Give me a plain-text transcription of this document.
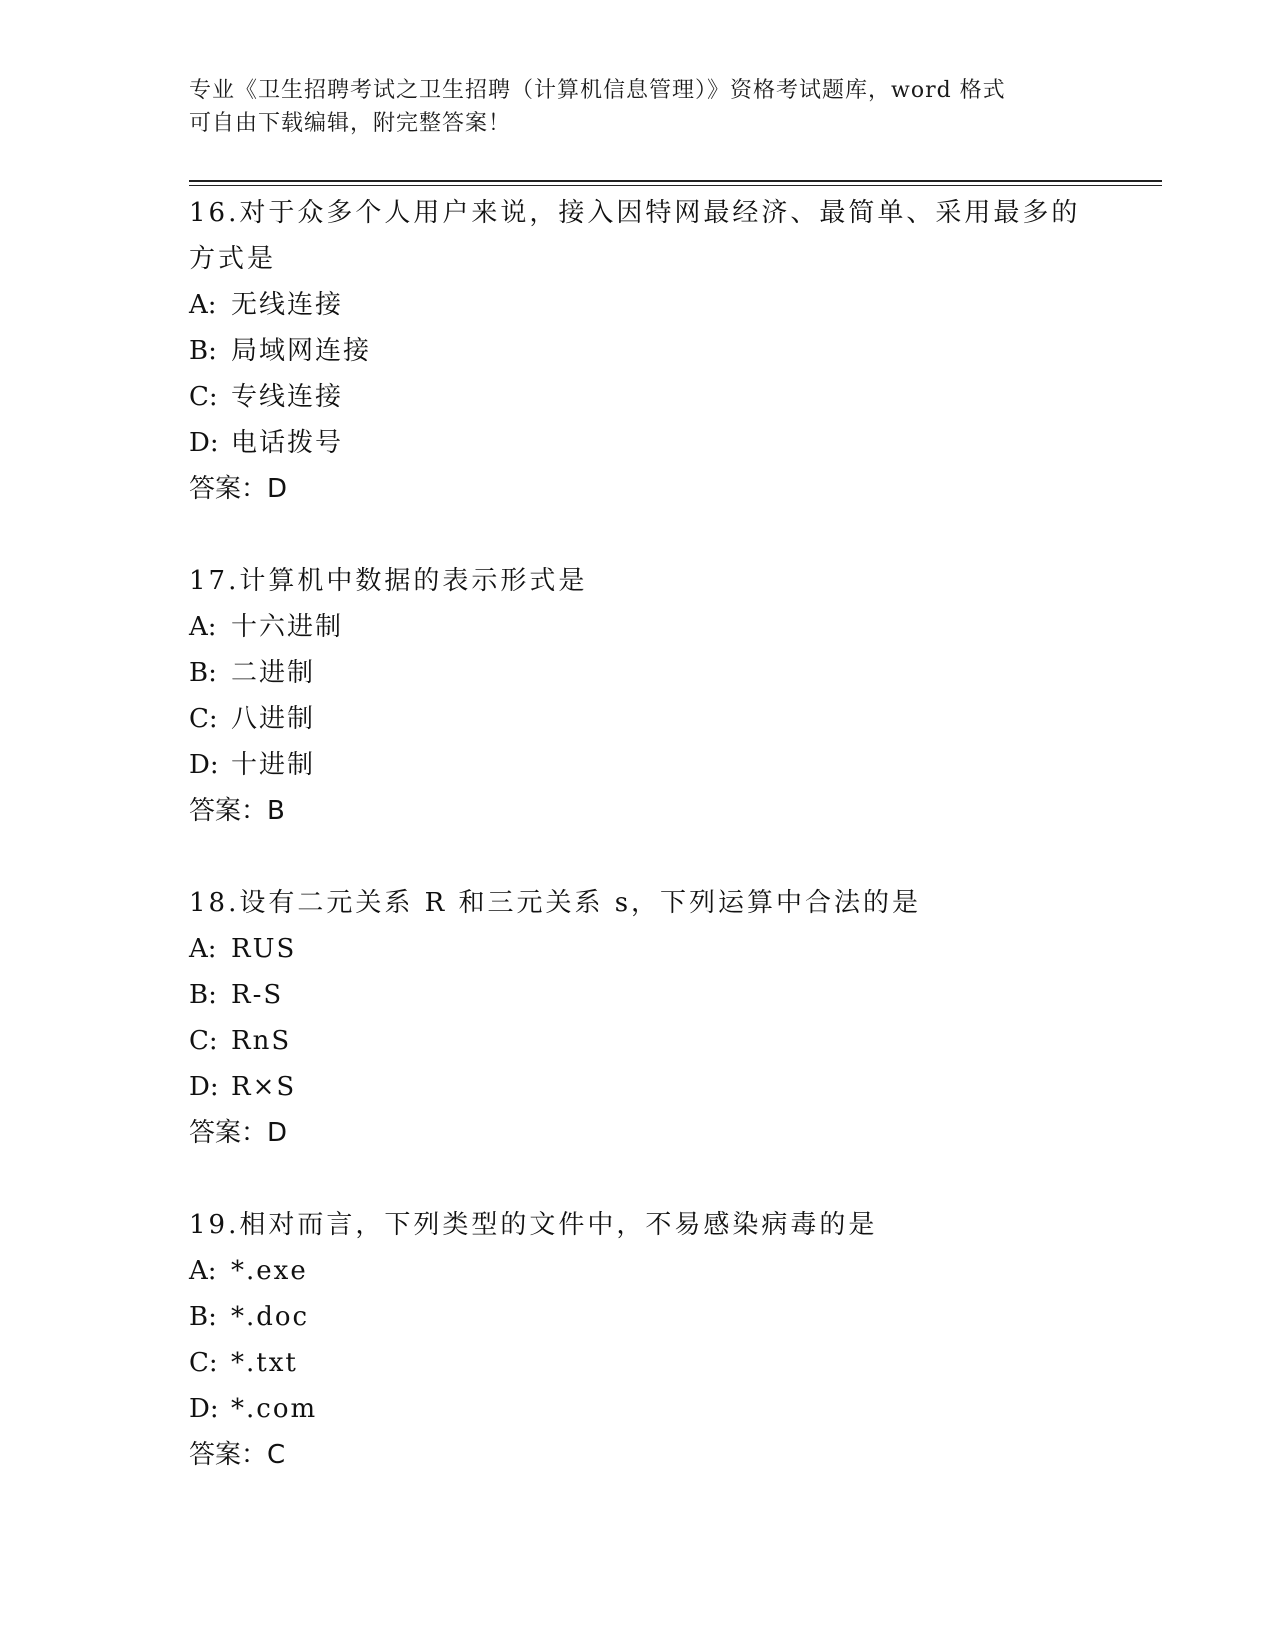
专业《卫生招聘考试之卫生招聘（计算机信息管理）》资格考试题库，word 格式
可自由下载编辑，附完整答案！

16.对于众多个人用户来说，接入因特网最经济、最简单、采用最多的方式是

A: 无线连接

B: 局域网连接

C: 专线连接

D: 电话拨号

答案：D

17.计算机中数据的表示形式是

A: 十六进制

B: 二进制

C: 八进制

D: 十进制

答案：B

18.设有二元关系 R 和三元关系 s，下列运算中合法的是

A: RUS

B: R-S

C: RnS

D: R×S

答案：D

19.相对而言，下列类型的文件中，不易感染病毒的是

A: *.exe

B: *.doc

C: *.txt

D: *.com

答案：C
